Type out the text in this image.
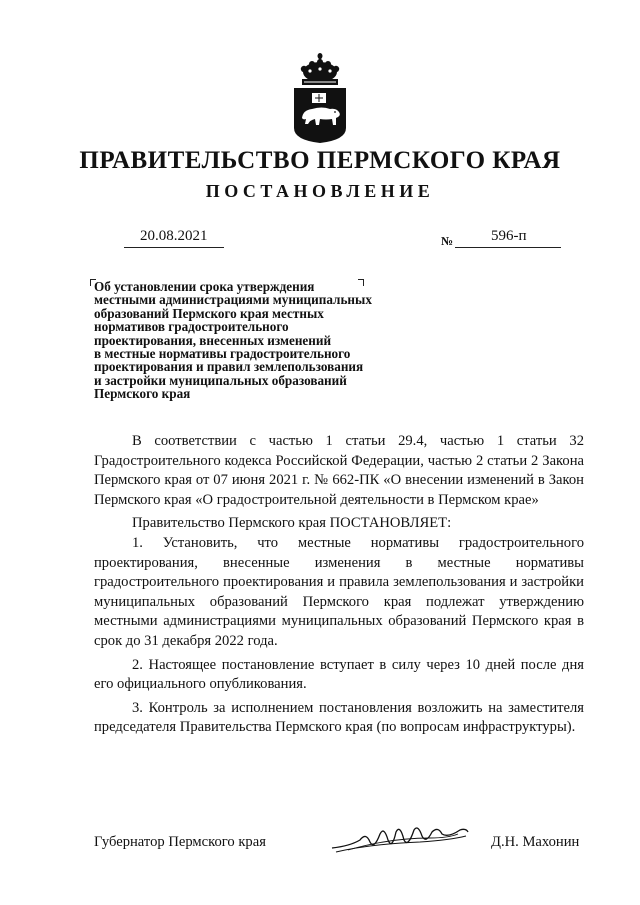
ПРАВИТЕЛЬСТВО ПЕРМСКОГО КРАЯ
ПОСТАНОВЛЕНИЕ
20.08.2021	№	596-п
Об установлении срока утверждения
местными администрациями муниципальных
образований Пермского края местных
нормативов градостроительного
проектирования, внесенных изменений
в местные нормативы градостроительного
проектирования и правил землепользования
и застройки муниципальных образований
Пермского края

В соответствии с частью 1 статьи 29.4, частью 1 статьи 32 Градостроительного кодекса Российской Федерации, частью 2 статьи 2 Закона Пермского края от 07 июня 2021 г. № 662-ПК «О внесении изменений в Закон Пермского края «О градостроительной деятельности в Пермском крае»

Правительство Пермского края ПОСТАНОВЛЯЕТ:

1. Установить, что местные нормативы градостроительного проектирования, внесенные изменения в местные нормативы градостроительного проектирования и правила землепользования и застройки муниципальных образований Пермского края подлежат утверждению местными администрациями муниципальных образований Пермского края в срок до 31 декабря 2022 года.

2. Настоящее постановление вступает в силу через 10 дней после дня его официального опубликования.

3. Контроль за исполнением постановления возложить на заместителя председателя Правительства Пермского края (по вопросам инфраструктуры).

Губернатор Пермского края	Д.Н. Махонин
